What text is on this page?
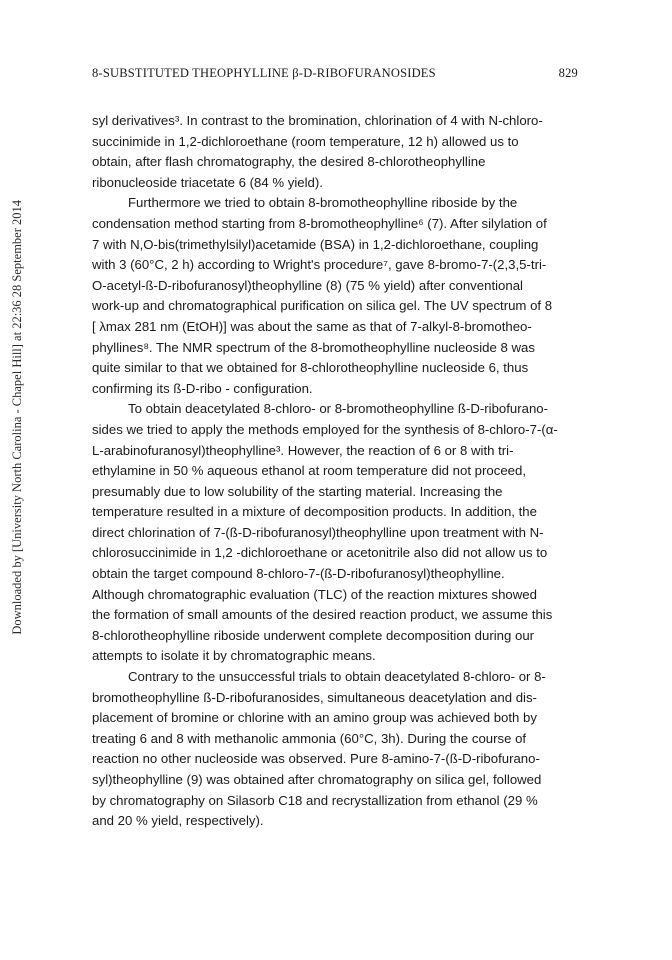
8-SUBSTITUTED THEOPHYLLINE β-D-RIBOFURANOSIDES	829
Downloaded by [University North Carolina - Chapel Hill] at 22:36 28 September 2014
syl derivatives³. In contrast to the bromination, chlorination of 4 with N-chloro-
succinimide in 1,2-dichloroethane (room temperature, 12 h) allowed us to
obtain, after flash chromatography, the desired 8-chlorotheophylline
ribonucleoside triacetate 6 (84 % yield).
Furthermore we tried to obtain 8-bromotheophylline riboside by the
condensation method starting from 8-bromotheophylline⁶ (7). After silylation of
7 with N,O-bis(trimethylsilyl)acetamide (BSA) in 1,2-dichloroethane, coupling
with 3 (60°C, 2 h) according to Wright's procedure⁷, gave 8-bromo-7-(2,3,5-tri-
O-acetyl-ß-D-ribofuranosyl)theophylline (8) (75 % yield) after conventional
work-up and chromatographical purification on silica gel. The UV spectrum of 8
[ λmax 281 nm (EtOH)] was about the same as that of 7-alkyl-8-bromotheo-
phyllines⁸. The NMR spectrum of the 8-bromotheophylline nucleoside 8 was
quite similar to that we obtained for 8-chlorotheophylline nucleoside 6, thus
confirming its ß-D-ribo - configuration.
To obtain deacetylated 8-chloro- or 8-bromotheophylline ß-D-ribofurano-
sides we tried to apply the methods employed for the synthesis of 8-chloro-7-(α-
L-arabinofuranosyl)theophylline³. However, the reaction of 6 or 8 with tri-
ethylamine in 50 % aqueous ethanol at room temperature did not proceed,
presumably due to low solubility of the starting material. Increasing the
temperature resulted in a mixture of decomposition products. In addition, the
direct chlorination of 7-(ß-D-ribofuranosyl)theophylline upon treatment with N-
chlorosuccinimide in 1,2 -dichloroethane or acetonitrile also did not allow us to
obtain the target compound 8-chloro-7-(ß-D-ribofuranosyl)theophylline.
Although chromatographic evaluation (TLC) of the reaction mixtures showed
the formation of small amounts of the desired reaction product, we assume this
8-chlorotheophylline riboside underwent complete decomposition during our
attempts to isolate it by chromatographic means.
Contrary to the unsuccessful trials to obtain deacetylated 8-chloro- or 8-
bromotheophylline ß-D-ribofuranosides, simultaneous deacetylation and dis-
placement of bromine or chlorine with an amino group was achieved both by
treating 6 and 8 with methanolic ammonia (60°C, 3h). During the course of
reaction no other nucleoside was observed. Pure 8-amino-7-(ß-D-ribofurano-
syl)theophylline (9) was obtained after chromatography on silica gel, followed
by chromatography on Silasorb C18 and recrystallization from ethanol (29 %
and 20 % yield, respectively).
